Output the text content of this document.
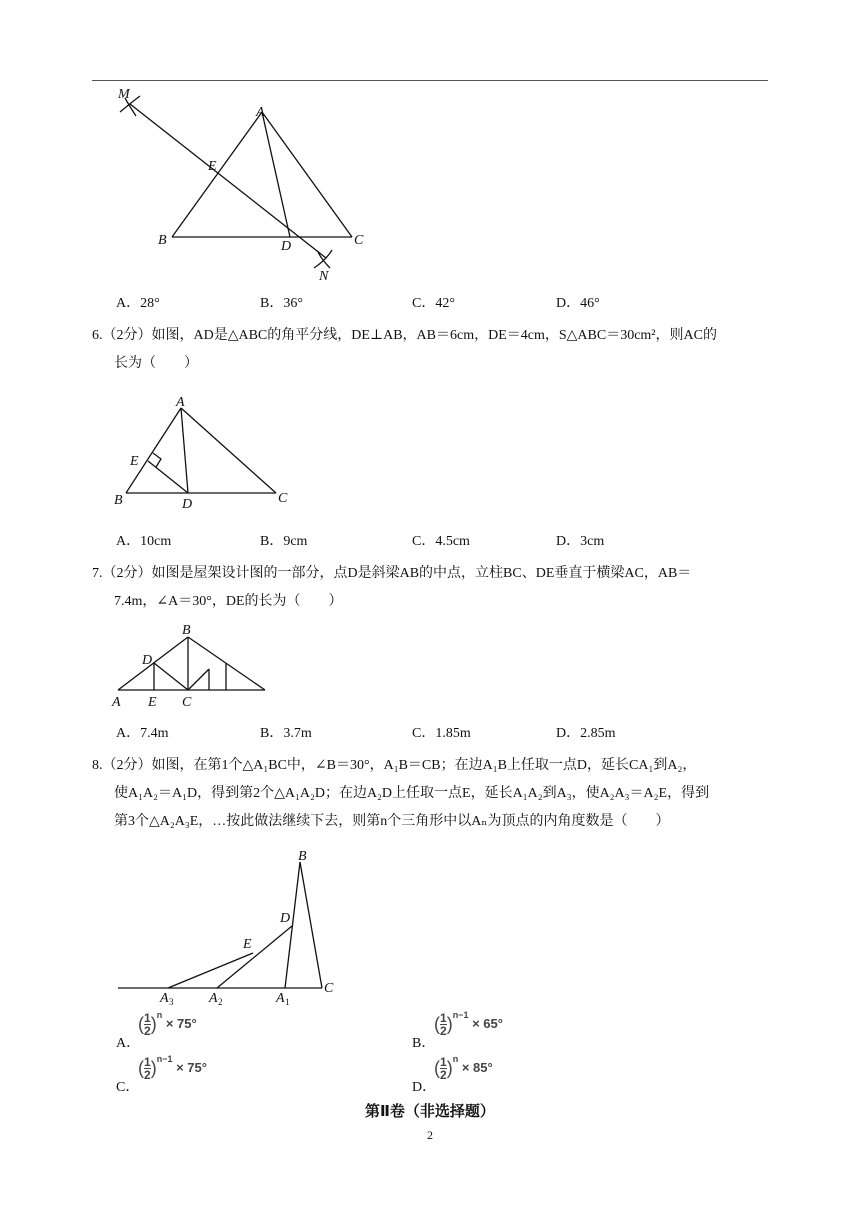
M
A
E
B	D	C
N
A．28°	B．36°	C．42°	D．46°
6.（2分）如图，AD是△ABC的角平分线，DE⊥AB，AB＝6cm，DE＝4cm，S△ABC＝30cm²，则AC的
长为（　　）
A
E
B	D	C
A．10cm	B．9cm	C．4.5cm	D．3cm
7.（2分）如图是屋架设计图的一部分，点D是斜梁AB的中点，立柱BC、DE垂直于横梁AC，AB＝
7.4m，∠A＝30°，DE的长为（　　）
B
D
A E C
A．7.4m	B．3.7m	C．1.85m	D．2.85m
8.（2分）如图，在第1个△A₁BC中，∠B＝30°，A₁B＝CB；在边A₁B上任取一点D，延长CA₁到A₂，
使A₁A₂＝A₁D，得到第2个△A₁A₂D；在边A₂D上任取一点E，延长A₁A₂到A₃，使A₂A₃＝A₂E，得到
第3个△A₂A₃E，…按此做法继续下去，则第n个三角形中以Aₙ为顶点的内角度数是（　　）
B
D
E
C
A 3	A 2	A 1
A．
( $\frac{1}{2} )^n \times 75^\circ$
B．
( $\frac{1}{2} )^{n-1} \times 65^\circ$
C．
( $\frac{1}{2} )^{n-1} \times 75^\circ$
D．
( $\frac{1}{2} )^n \times 85^\circ$
第Ⅱ卷（非选择题）
2
